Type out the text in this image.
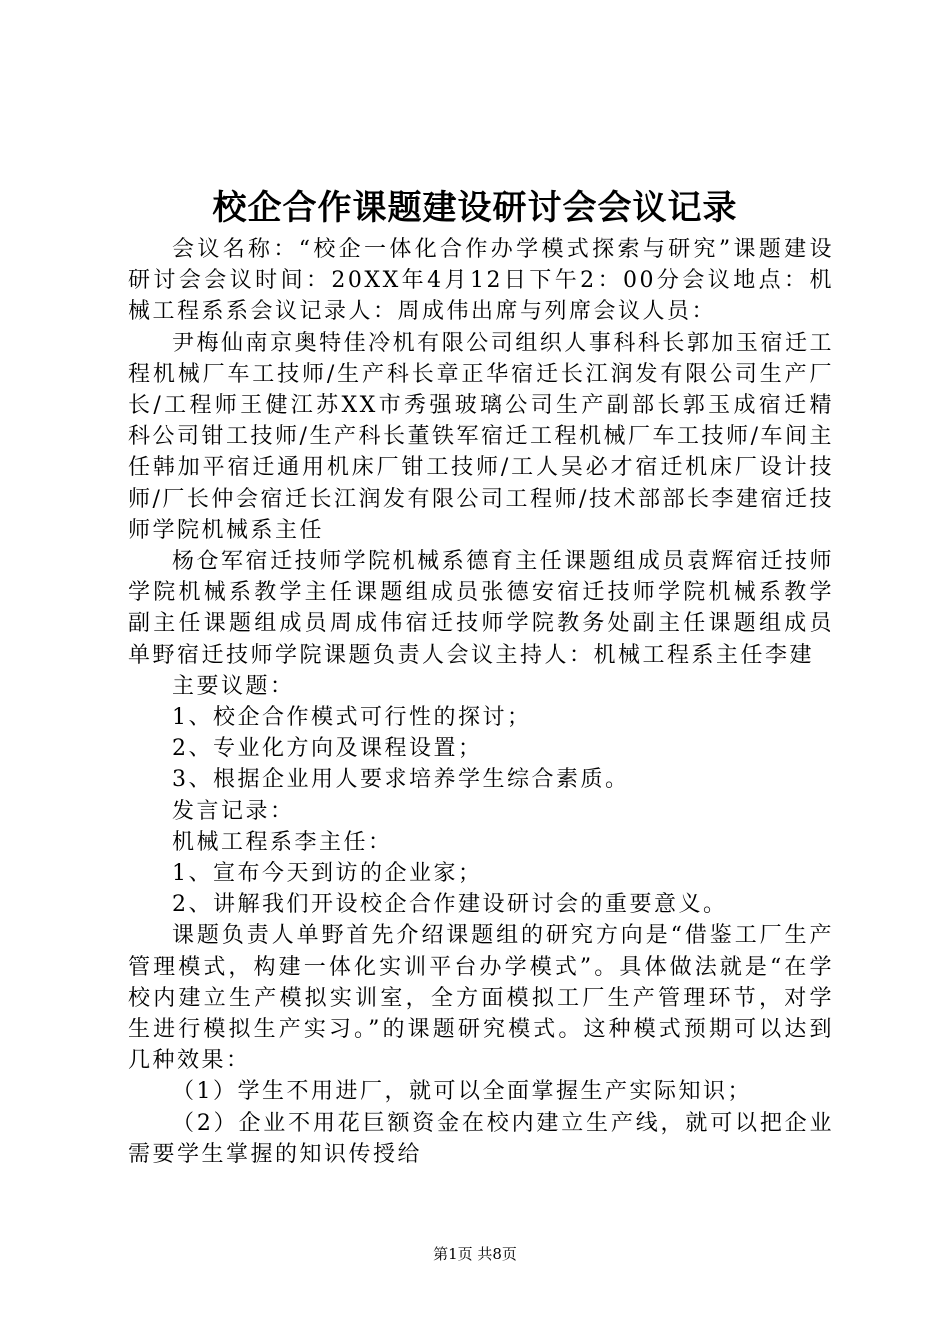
校企合作课题建设研讨会会议记录

会议名称：“校企一体化合作办学模式探索与研究”课题建设研讨会会议时间：20XX年4月12日下午2：00分会议地点：机械工程系系会议记录人：周成伟出席与列席会议人员：

尹梅仙南京奥特佳冷机有限公司组织人事科科长郭加玉宿迁工程机械厂车工技师/生产科长章正华宿迁长江润发有限公司生产厂长/工程师王健江苏XX市秀强玻璃公司生产副部长郭玉成宿迁精科公司钳工技师/生产科长董铁军宿迁工程机械厂车工技师/车间主任韩加平宿迁通用机床厂钳工技师/工人吴必才宿迁机床厂设计技师/厂长仲会宿迁长江润发有限公司工程师/技术部部长李建宿迁技师学院机械系主任

杨仓军宿迁技师学院机械系德育主任课题组成员袁辉宿迁技师学院机械系教学主任课题组成员张德安宿迁技师学院机械系教学副主任课题组成员周成伟宿迁技师学院教务处副主任课题组成员单野宿迁技师学院课题负责人会议主持人：机械工程系主任李建

主要议题：

1、校企合作模式可行性的探讨；

2、专业化方向及课程设置；

3、根据企业用人要求培养学生综合素质。

发言记录：

机械工程系李主任：

1、宣布今天到访的企业家；

2、讲解我们开设校企合作建设研讨会的重要意义。

课题负责人单野首先介绍课题组的研究方向是“借鉴工厂生产管理模式，构建一体化实训平台办学模式”。具体做法就是“在学校内建立生产模拟实训室，全方面模拟工厂生产管理环节，对学生进行模拟生产实习。”的课题研究模式。这种模式预期可以达到几种效果：

（1）学生不用进厂，就可以全面掌握生产实际知识；

（2）企业不用花巨额资金在校内建立生产线，就可以把企业需要学生掌握的知识传授给

第1页 共8页
